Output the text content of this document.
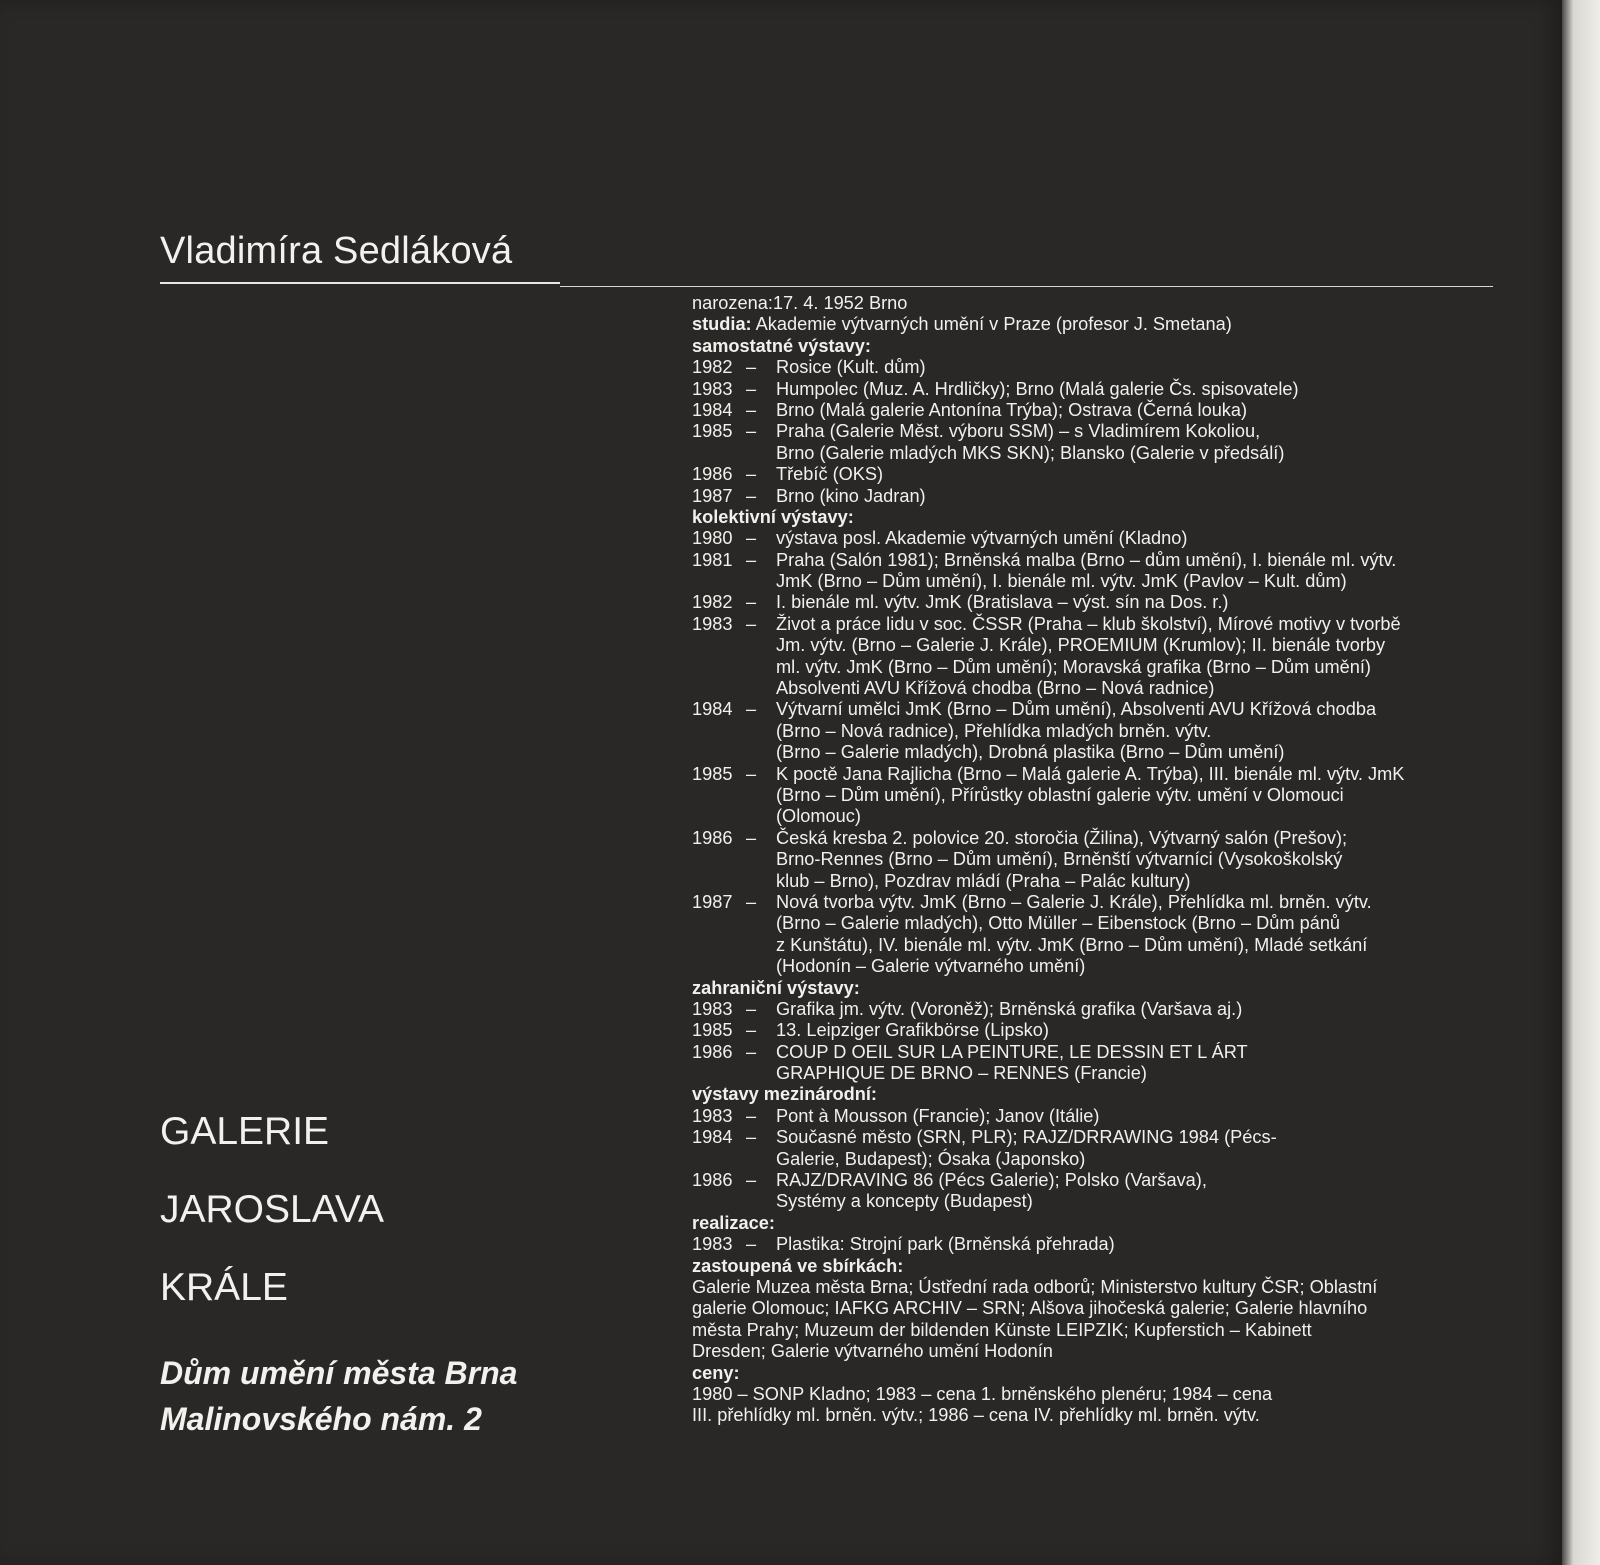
Vladimíra Sedláková
narozena:17. 4. 1952 Brno
studia: Akademie výtvarných umění v Praze (profesor J. Smetana)
samostatné výstavy:
1982 –	Rosice (Kult. dům)
1983 –	Humpolec (Muz. A. Hrdličky); Brno (Malá galerie Čs. spisovatele)
1984 –	Brno (Malá galerie Antonína Trýba); Ostrava (Černá louka)
1985 –	Praha (Galerie Měst. výboru SSM) – s Vladimírem Kokoliou,
Brno (Galerie mladých MKS SKN); Blansko (Galerie v předsálí)
1986 –	Třebíč (OKS)
1987 –	Brno (kino Jadran)
kolektivní výstavy:
1980 –	výstava posl. Akademie výtvarných umění (Kladno)
1981 –	Praha (Salón 1981); Brněnská malba (Brno – dům umění), I. bienále ml. výtv.
JmK (Brno – Dům umění), I. bienále ml. výtv. JmK (Pavlov – Kult. dům)
1982 –	I. bienále ml. výtv. JmK (Bratislava – výst. sín na Dos. r.)
1983 –	Život a práce lidu v soc. ČSSR (Praha – klub školství), Mírové motivy v tvorbě
Jm. výtv. (Brno – Galerie J. Krále), PROEMIUM (Krumlov); II. bienále tvorby
ml. výtv. JmK (Brno – Dům umění); Moravská grafika (Brno – Dům umění)
Absolventi AVU Křížová chodba (Brno – Nová radnice)
1984 –	Výtvarní umělci JmK (Brno – Dům umění), Absolventi AVU Křížová chodba
(Brno – Nová radnice), Přehlídka mladých brněn. výtv.
(Brno – Galerie mladých), Drobná plastika (Brno – Dům umění)
1985 –	K poctě Jana Rajlicha (Brno – Malá galerie A. Trýba), III. bienále ml. výtv. JmK
(Brno – Dům umění), Přírůstky oblastní galerie výtv. umění v Olomouci
(Olomouc)
1986 –	Česká kresba 2. polovice 20. storočia (Žilina), Výtvarný salón (Prešov);
Brno-Rennes (Brno – Dům umění), Brněnští výtvarníci (Vysokoškolský
klub – Brno), Pozdrav mládí (Praha – Palác kultury)
1987 –	Nová tvorba výtv. JmK (Brno – Galerie J. Krále), Přehlídka ml. brněn. výtv.
(Brno – Galerie mladých), Otto Müller – Eibenstock (Brno – Dům pánů
z Kunštátu), IV. bienále ml. výtv. JmK (Brno – Dům umění), Mladé setkání
(Hodonín – Galerie výtvarného umění)
zahraniční výstavy:
1983 –	Grafika jm. výtv. (Voroněž); Brněnská grafika (Varšava aj.)
1985 –	13. Leipziger Grafikbörse (Lipsko)
1986 –	COUP D OEIL SUR LA PEINTURE, LE DESSIN ET L ÁRT
GRAPHIQUE DE BRNO – RENNES (Francie)
výstavy mezinárodní:
1983 –	Pont à Mousson (Francie); Janov (Itálie)
1984 –	Současné město (SRN, PLR); RAJZ/DRRAWING 1984 (Pécs-
Galerie, Budapest); Ósaka (Japonsko)
1986 –	RAJZ/DRAVING 86 (Pécs Galerie); Polsko (Varšava),
Systémy a koncepty (Budapest)
realizace:
1983 –	Plastika: Strojní park (Brněnská přehrada)
zastoupená ve sbírkách:
Galerie Muzea města Brna; Ústřední rada odborů; Ministerstvo kultury ČSR; Oblastní
galerie Olomouc; IAFKG ARCHIV – SRN; Alšova jihočeská galerie; Galerie hlavního
města Prahy; Muzeum der bildenden Künste LEIPZIK; Kupferstich – Kabinett
Dresden; Galerie výtvarného umění Hodonín
ceny:
1980 – SONP Kladno; 1983 – cena 1. brněnského plenéru; 1984 – cena
III. přehlídky ml. brněn. výtv.; 1986 – cena IV. přehlídky ml. brněn. výtv.
GALERIE
JAROSLAVA
KRÁLE
Dům umění města Brna
Malinovského nám. 2
